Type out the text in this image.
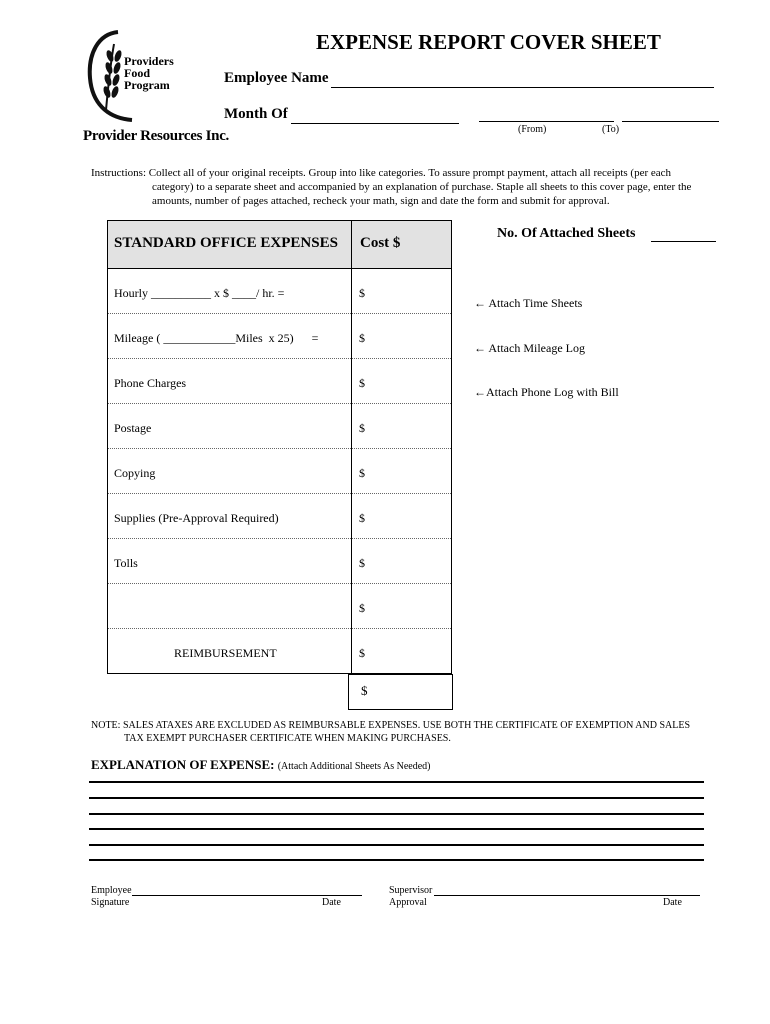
Providers
Food
Program
Provider Resources Inc.
EXPENSE REPORT COVER SHEET
Employee Name
Month Of
(From)	(To)
Instructions: Collect all of your original receipts. Group into like categories. To assure prompt payment, attach all receipts (per each
category) to a separate sheet and accompanied by an explanation of purchase. Staple all sheets to this cover page, enter the
amounts, number of pages attached, recheck your math, sign and date the form and submit for approval.
STANDARD OFFICE EXPENSES Cost $
Hourly __________ x $ ____/ hr. =	$
Mileage ( ____________Miles  x 25)      =	$
Phone Charges	$
Postage	$
Copying	$
Supplies (Pre-Approval Required)	$
Tolls	$
$
REIMBURSEMENT	$
$
No. Of Attached Sheets
← Attach Time Sheets
← Attach Mileage Log
←Attach Phone Log with Bill
NOTE: SALES ATAXES ARE EXCLUDED AS REIMBURSABLE EXPENSES. USE BOTH THE CERTIFICATE OF EXEMPTION AND SALES
TAX EXEMPT PURCHASER CERTIFICATE WHEN MAKING PURCHASES.
EXPLANATION OF EXPENSE: (Attach Additional Sheets As Needed)
Employee
Signature	Date
Supervisor
Approval	Date
